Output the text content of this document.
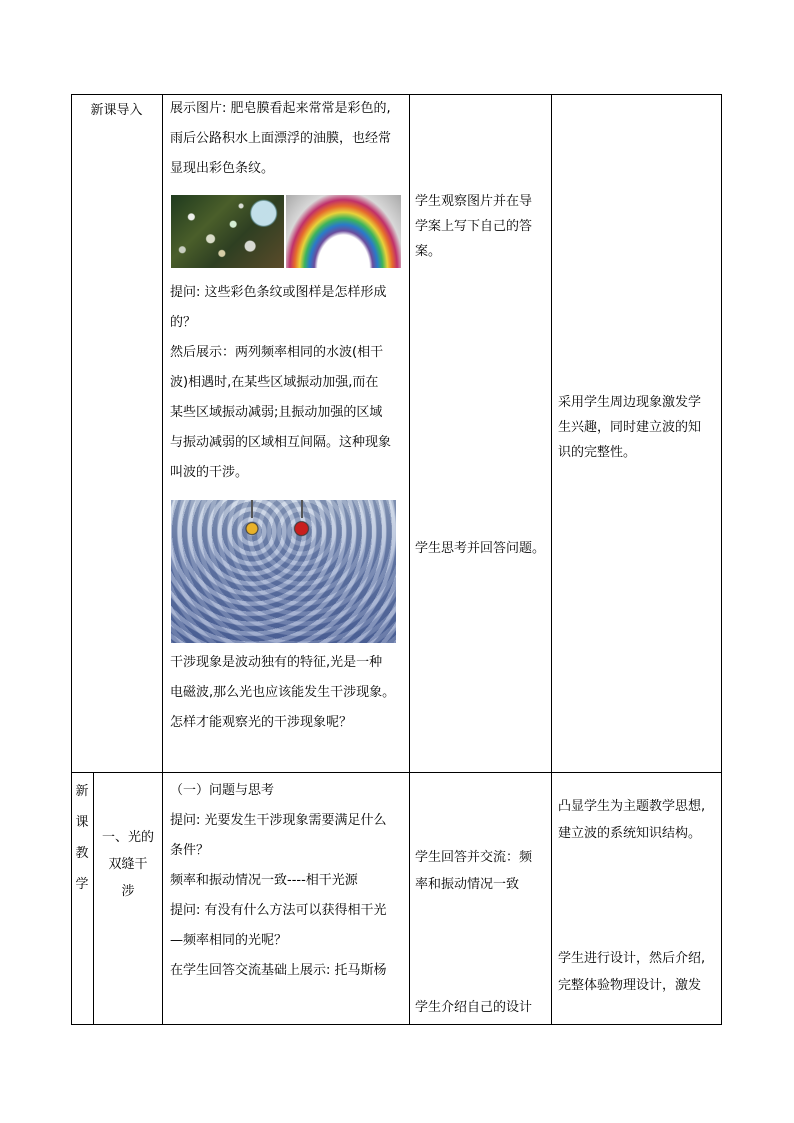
新课导入	展示图片: 肥皂膜看起来常常是彩色的,

雨后公路积水上面漂浮的油膜，也经常

显现出彩色条纹。

提问: 这些彩色条纹或图样是怎样形成

的？

然后展示：两列频率相同的水波(相干

波)相遇时,在某些区域振动加强,而在

某些区域振动减弱;且振动加强的区域

与振动减弱的区域相互间隔。这种现象

叫波的干涉。

干涉现象是波动独有的特征,光是一种

电磁波,那么光也应该能发生干涉现象。

怎样才能观察光的干涉现象呢？

学生观察图片并在导

学案上写下自己的答

案。

学生思考并回答问题。

采用学生周边现象激发学

生兴趣，同时建立波的知

识的完整性。

新
课
教
学

一、光的

双缝干

涉

（一）问题与思考

提问: 光要发生干涉现象需要满足什么

条件？

频率和振动情况一致----相干光源

提问: 有没有什么方法可以获得相干光

—频率相同的光呢？

在学生回答交流基础上展示: 托马斯杨

学生回答并交流：频

率和振动情况一致

学生介绍自己的设计

凸显学生为主题教学思想,

建立波的系统知识结构。

学生进行设计，然后介绍,

完整体验物理设计，激发
